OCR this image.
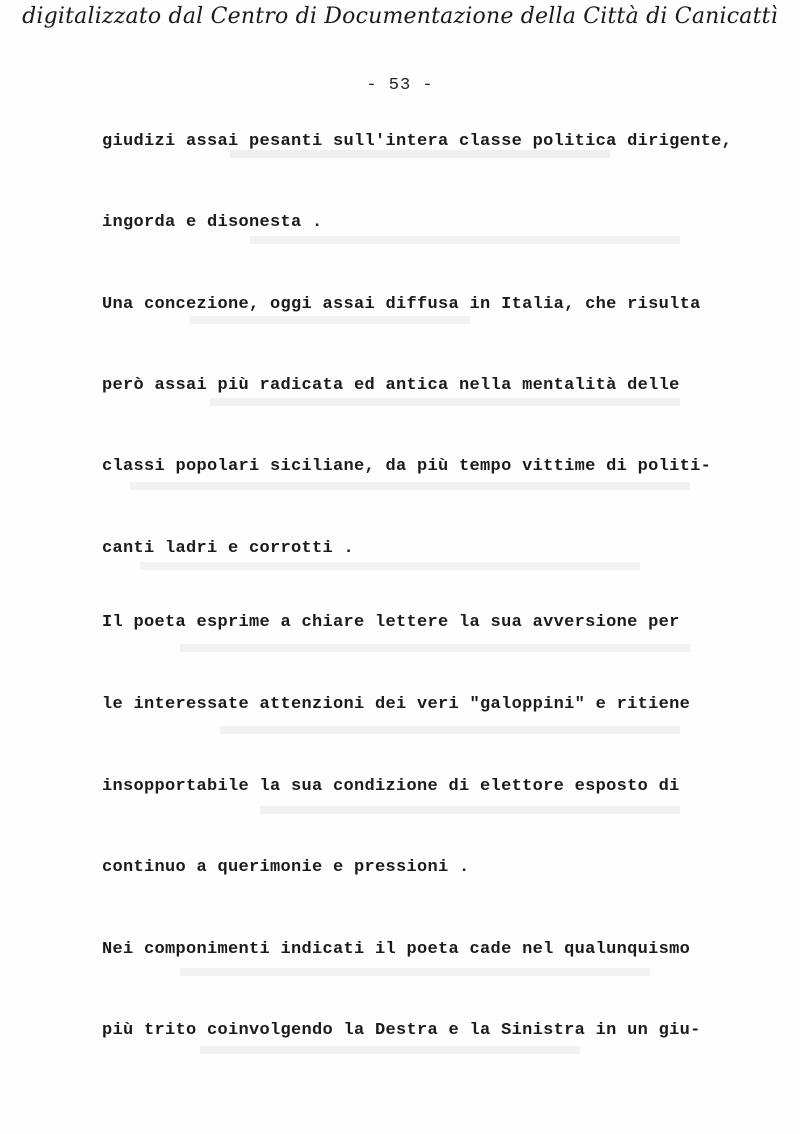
digitalizzato dal Centro di Documentazione della Città di Canicattì
- 53 -
giudizi assai pesanti sull'intera classe politica dirigente,
ingorda e disonesta .
Una concezione, oggi assai diffusa in Italia, che risulta
però assai più radicata ed antica nella mentalità delle
classi popolari siciliane, da più tempo vittime di politi-
canti ladri e corrotti .
Il poeta esprime a chiare lettere la sua avversione per
le interessate attenzioni dei veri "galoppini" e ritiene
insopportabile la sua condizione di elettore esposto di
continuo a querimonie e pressioni .
Nei componimenti indicati il poeta cade nel qualunquismo
più trito coinvolgendo la Destra e la Sinistra in un giu-
